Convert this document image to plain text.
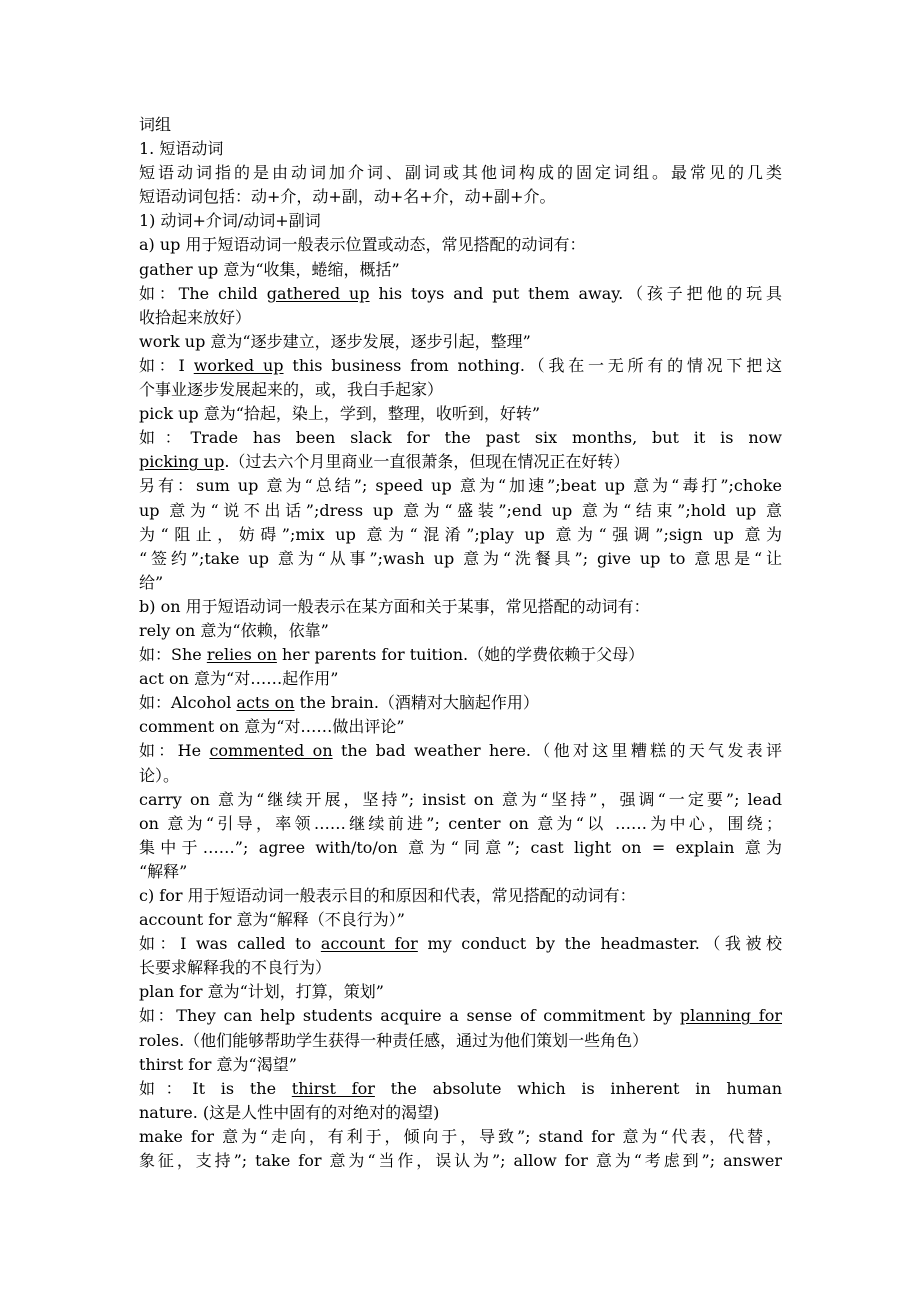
词组
1. 短语动词
短语动词指的是由动词加介词、副词或其他词构成的固定词组。最常见的几类
短语动词包括：动+介，动+副，动+名+介，动+副+介。
1) 动词+介词/动词+副词
a) up 用于短语动词一般表示位置或动态，常见搭配的动词有：
gather up 意为“收集，蜷缩，概括”
如：The child gathered up his toys and put them away.（孩子把他的玩具
收拾起来放好）
work up 意为“逐步建立，逐步发展，逐步引起，整理”
如：I worked up this business from nothing.（我在一无所有的情况下把这
个事业逐步发展起来的，或，我白手起家）
pick up 意为“拾起，染上，学到，整理，收听到，好转”
如：Trade has been slack for the past six months, but it is now
picking up.（过去六个月里商业一直很萧条，但现在情况正在好转）
另有：sum up 意为“总结”; speed up 意为“加速”;beat up 意为“毒打”;choke
up 意为“说不出话”;dress up 意为“盛装”;end up 意为“结束”;hold up 意
为“阻止，妨碍”;mix up 意为“混淆”;play up 意为“强调”;sign up 意为
“签约”;take up 意为“从事”;wash up 意为“洗餐具”; give up to 意思是“让
给”
b) on 用于短语动词一般表示在某方面和关于某事，常见搭配的动词有：
rely on 意为“依赖，依靠”
如：She relies on her parents for tuition.（她的学费依赖于父母）
act on 意为“对……起作用”
如：Alcohol acts on the brain.（酒精对大脑起作用）
comment on 意为“对……做出评论”
如：He commented on the bad weather here.（他对这里糟糕的天气发表评
论）。
carry on 意为“继续开展，坚持”; insist on 意为“坚持”，强调“一定要”; lead
on 意为“引导，率领……继续前进”; center on 意为“以 ……为中心，围绕；
集中于……”; agree with/to/on 意为“同意”; cast light on = explain 意为
“解释”
c) for 用于短语动词一般表示目的和原因和代表，常见搭配的动词有：
account for 意为“解释（不良行为）”
如：I was called to account for my conduct by the headmaster.（我被校
长要求解释我的不良行为）
plan for 意为“计划，打算，策划”
如：They can help students acquire a sense of commitment by planning for
roles.（他们能够帮助学生获得一种责任感，通过为他们策划一些角色）
thirst for 意为“渴望”
如：It is the thirst for the absolute which is inherent in human
nature. (这是人性中固有的对绝对的渴望)
make for 意为“走向，有利于，倾向于，导致”; stand for 意为“代表，代替，
象征，支持”; take for 意为“当作，误认为”; allow for 意为“考虑到”; answer
